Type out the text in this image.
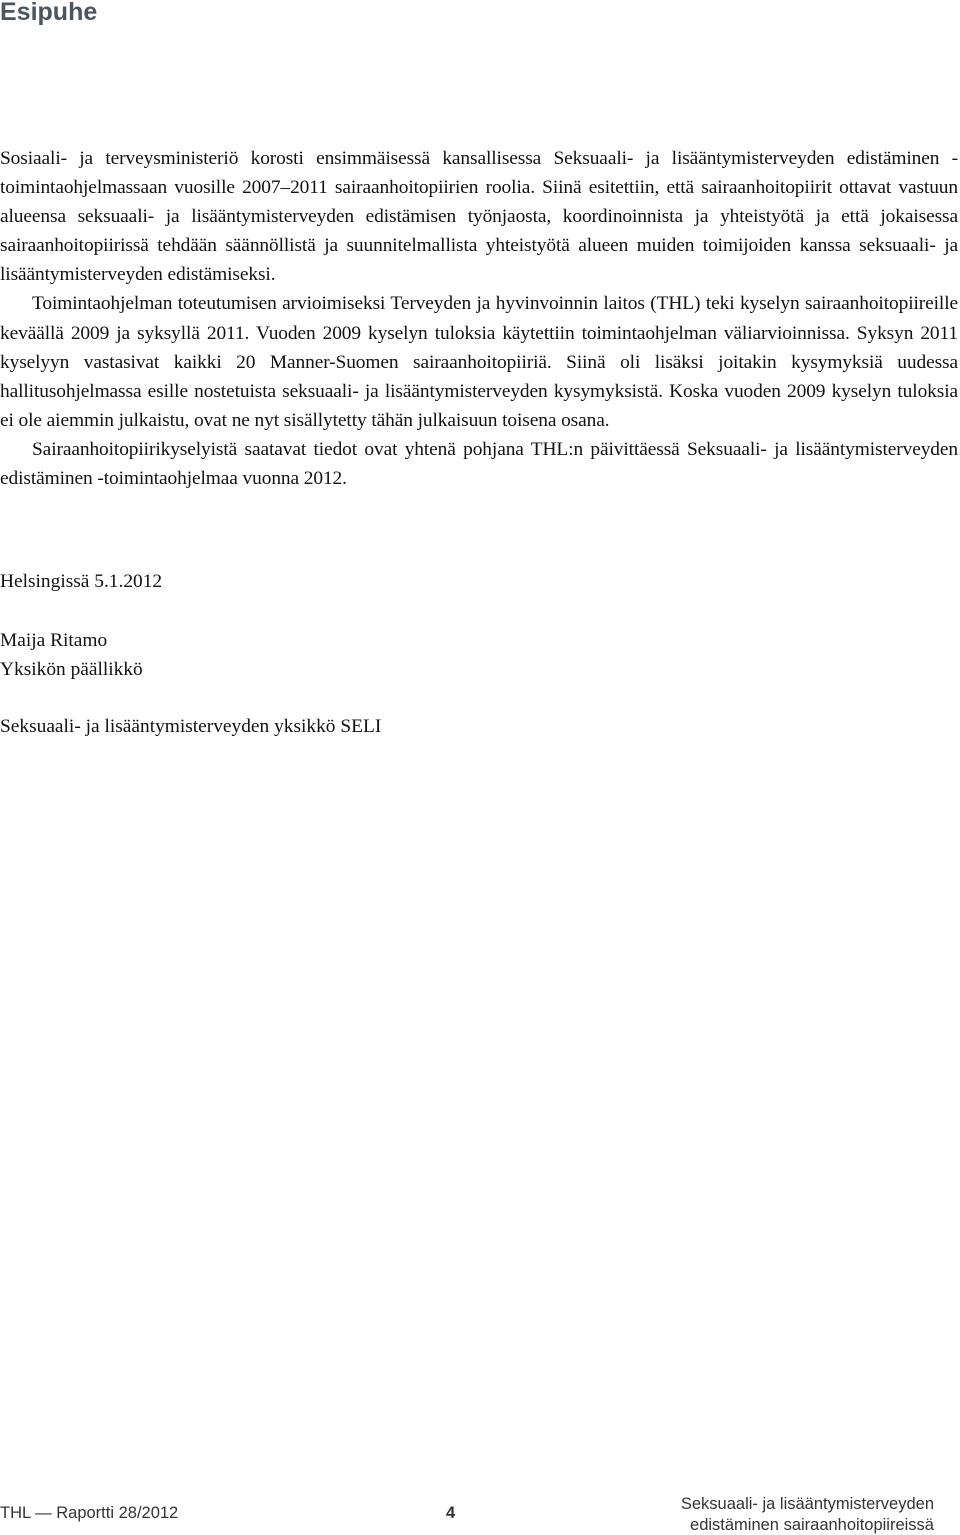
Esipuhe

Sosiaali- ja terveysministeriö korosti ensimmäisessä kansallisessa Seksuaali- ja lisääntymisterveyden edistäminen -toimintaohjelmassaan vuosille 2007–2011 sairaanhoitopiirien roolia. Siinä esitettiin, että sairaanhoitopiirit ottavat vastuun alueensa seksuaali- ja lisääntymisterveyden edistämisen työnjaosta, koordinoinnista ja yhteistyötä ja että jokaisessa sairaanhoitopiirissä tehdään säännöllistä ja suunnitelmallista yhteistyötä alueen muiden toimijoiden kanssa seksuaali- ja lisääntymisterveyden edistämiseksi.

Toimintaohjelman toteutumisen arvioimiseksi Terveyden ja hyvinvoinnin laitos (THL) teki kyselyn sairaanhoitopiireille keväällä 2009 ja syksyllä 2011. Vuoden 2009 kyselyn tuloksia käytettiin toimintaohjelman väliarvioinnissa. Syksyn 2011 kyselyyn vastasivat kaikki 20 Manner-Suomen sairaanhoitopiiriä. Siinä oli lisäksi joitakin kysymyksiä uudessa hallitusohjelmassa esille nostetuista seksuaali- ja lisääntymisterveyden kysymyksistä. Koska vuoden 2009 kyselyn tuloksia ei ole aiemmin julkaistu, ovat ne nyt sisällytetty tähän julkaisuun toisena osana.

Sairaanhoitopiirikyselyistä saatavat tiedot ovat yhtenä pohjana THL:n päivittäessä Seksuaali- ja lisääntymisterveyden edistäminen -toimintaohjelmaa vuonna 2012.

Helsingissä 5.1.2012
Maija Ritamo
Yksikön päällikkö
Seksuaali- ja lisääntymisterveyden yksikkö SELI
THL — Raportti 28/2012	4	Seksuaali- ja lisääntymisterveyden
edistäminen sairaanhoitopiireissä
